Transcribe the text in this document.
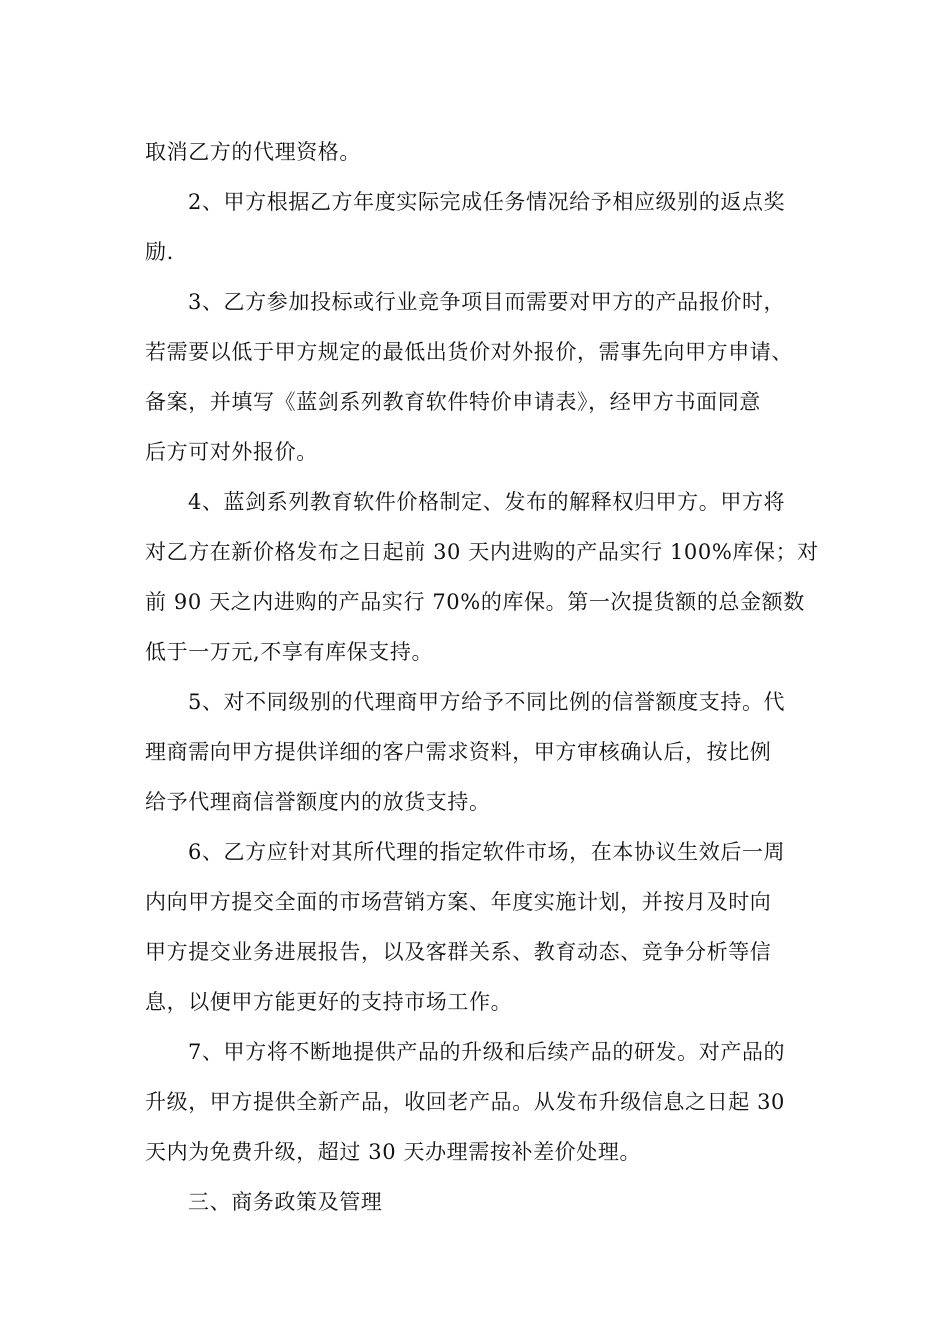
取消乙方的代理资格。
2、甲方根据乙方年度实际完成任务情况给予相应级别的返点奖
励.
3、乙方参加投标或行业竞争项目而需要对甲方的产品报价时，
若需要以低于甲方规定的最低出货价对外报价，需事先向甲方申请、
备案，并填写《蓝剑系列教育软件特价申请表》，经甲方书面同意
后方可对外报价。
4、蓝剑系列教育软件价格制定、发布的解释权归甲方。甲方将
对乙方在新价格发布之日起前 30 天内进购的产品实行 100%库保；对
前 90 天之内进购的产品实行 70%的库保。第一次提货额的总金额数
低于一万元,不享有库保支持。
5、对不同级别的代理商甲方给予不同比例的信誉额度支持。代
理商需向甲方提供详细的客户需求资料，甲方审核确认后，按比例
给予代理商信誉额度内的放货支持。
6、乙方应针对其所代理的指定软件市场，在本协议生效后一周
内向甲方提交全面的市场营销方案、年度实施计划，并按月及时向
甲方提交业务进展报告，以及客群关系、教育动态、竞争分析等信
息，以便甲方能更好的支持市场工作。
7、甲方将不断地提供产品的升级和后续产品的研发。对产品的
升级，甲方提供全新产品，收回老产品。从发布升级信息之日起 30
天内为免费升级，超过 30 天办理需按补差价处理。
三、商务政策及管理
